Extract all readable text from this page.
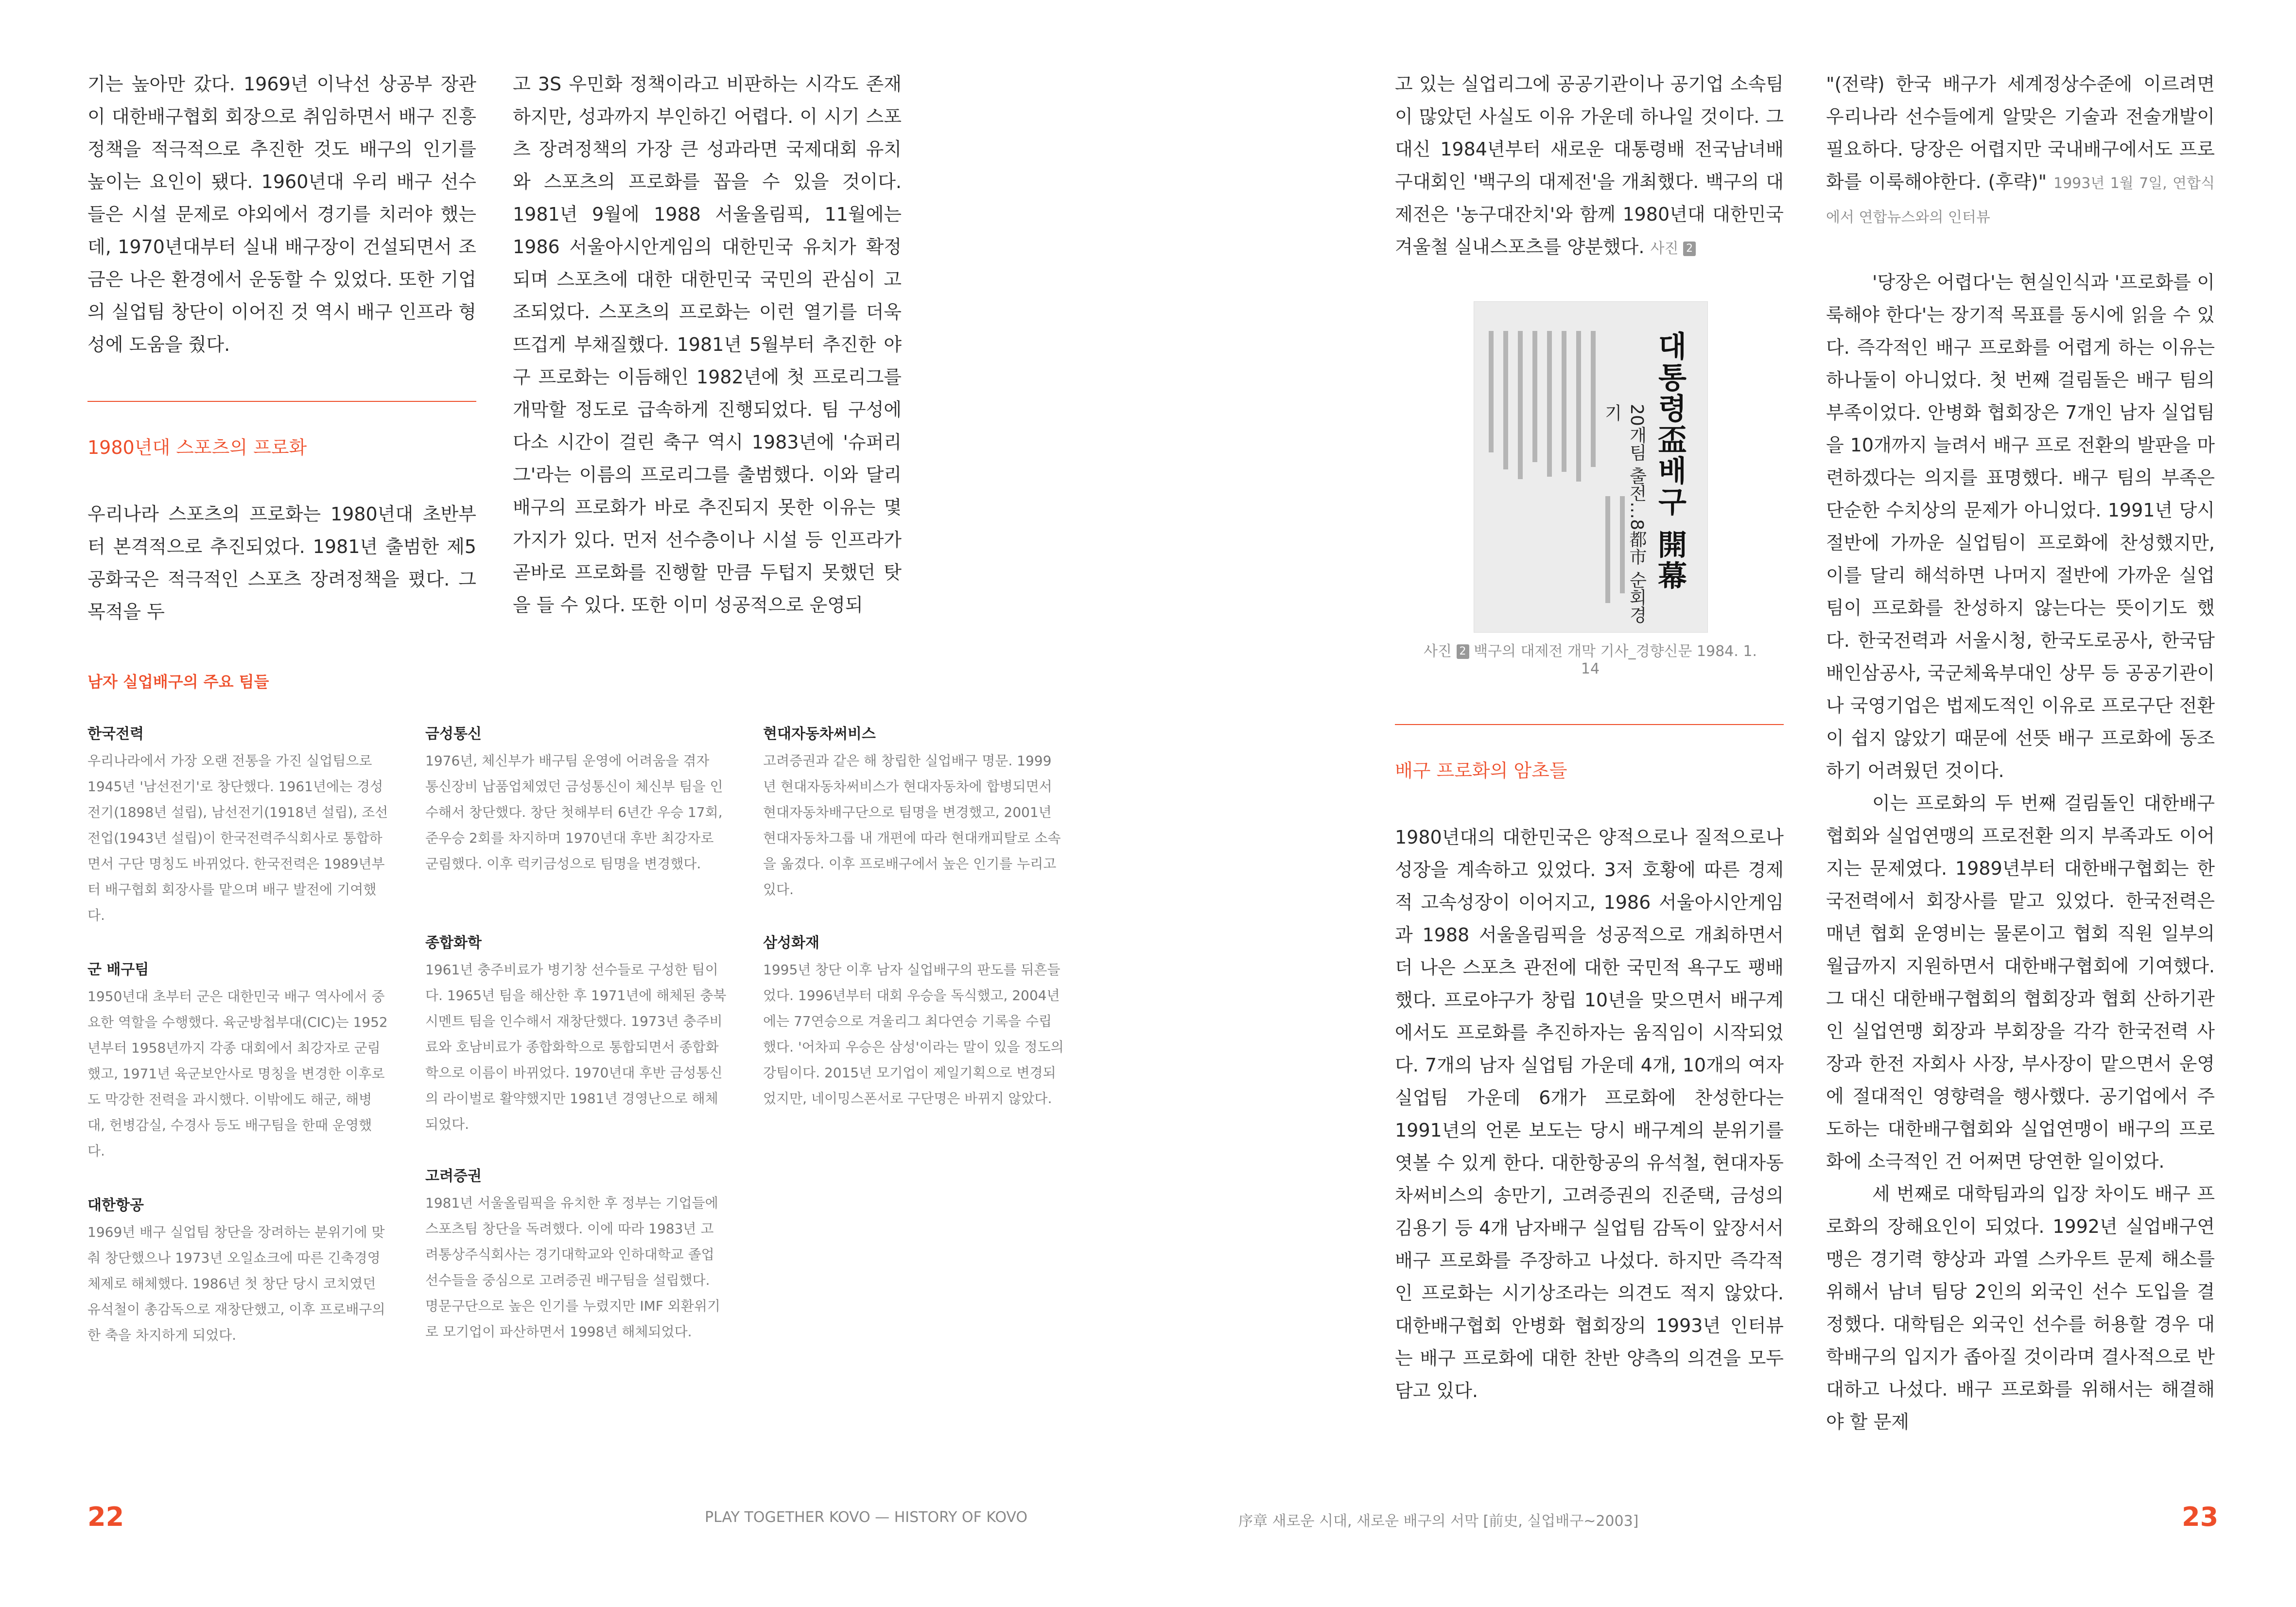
기는 높아만 갔다. 1969년 이낙선 상공부 장관이 대한배구협회 회장으로 취임하면서 배구 진흥정책을 적극적으로 추진한 것도 배구의 인기를 높이는 요인이 됐다. 1960년대 우리 배구 선수들은 시설 문제로 야외에서 경기를 치러야 했는데, 1970년대부터 실내 배구장이 건설되면서 조금은 나은 환경에서 운동할 수 있었다. 또한 기업의 실업팀 창단이 이어진 것 역시 배구 인프라 형성에 도움을 줬다.

1980년대 스포츠의 프로화

우리나라 스포츠의 프로화는 1980년대 초반부터 본격적으로 추진되었다. 1981년 출범한 제5공화국은 적극적인 스포츠 장려정책을 폈다. 그 목적을 두

고 3S 우민화 정책이라고 비판하는 시각도 존재하지만, 성과까지 부인하긴 어렵다. 이 시기 스포츠 장려정책의 가장 큰 성과라면 국제대회 유치와 스포츠의 프로화를 꼽을 수 있을 것이다. 1981년 9월에 1988 서울올림픽, 11월에는 1986 서울아시안게임의 대한민국 유치가 확정되며 스포츠에 대한 대한민국 국민의 관심이 고조되었다. 스포츠의 프로화는 이런 열기를 더욱 뜨겁게 부채질했다. 1981년 5월부터 추진한 야구 프로화는 이듬해인 1982년에 첫 프로리그를 개막할 정도로 급속하게 진행되었다. 팀 구성에 다소 시간이 걸린 축구 역시 1983년에 '슈퍼리그'라는 이름의 프로리그를 출범했다. 이와 달리 배구의 프로화가 바로 추진되지 못한 이유는 몇 가지가 있다. 먼저 선수층이나 시설 등 인프라가 곧바로 프로화를 진행할 만큼 두텁지 못했던 탓을 들 수 있다. 또한 이미 성공적으로 운영되

남자 실업배구의 주요 팀들
한국전력

우리나라에서 가장 오랜 전통을 가진 실업팀으로 1945년 '남선전기'로 창단했다. 1961년에는 경성전기(1898년 설립), 남선전기(1918년 설립), 조선전업(1943년 설립)이 한국전력주식회사로 통합하면서 구단 명칭도 바뀌었다. 한국전력은 1989년부터 배구협회 회장사를 맡으며 배구 발전에 기여했다.

군 배구팀

1950년대 초부터 군은 대한민국 배구 역사에서 중요한 역할을 수행했다. 육군방첩부대(CIC)는 1952년부터 1958년까지 각종 대회에서 최강자로 군림했고, 1971년 육군보안사로 명칭을 변경한 이후로도 막강한 전력을 과시했다. 이밖에도 해군, 해병대, 헌병감실, 수경사 등도 배구팀을 한때 운영했다.

대한항공

1969년 배구 실업팀 창단을 장려하는 분위기에 맞춰 창단했으나 1973년 오일쇼크에 따른 긴축경영 체제로 해체했다. 1986년 첫 창단 당시 코치였던 유석철이 총감독으로 재창단했고, 이후 프로배구의 한 축을 차지하게 되었다.

금성통신

1976년, 체신부가 배구팀 운영에 어려움을 겪자 통신장비 납품업체였던 금성통신이 체신부 팀을 인수해서 창단했다. 창단 첫해부터 6년간 우승 17회, 준우승 2회를 차지하며 1970년대 후반 최강자로 군림했다. 이후 럭키금성으로 팀명을 변경했다.

종합화학

1961년 충주비료가 병기창 선수들로 구성한 팀이다. 1965년 팀을 해산한 후 1971년에 해체된 충북시멘트 팀을 인수해서 재창단했다. 1973년 충주비료와 호남비료가 종합화학으로 통합되면서 종합화학으로 이름이 바뀌었다. 1970년대 후반 금성통신의 라이벌로 활약했지만 1981년 경영난으로 해체되었다.

고려증권

1981년 서울올림픽을 유치한 후 정부는 기업들에 스포츠팀 창단을 독려했다. 이에 따라 1983년 고려통상주식회사는 경기대학교와 인하대학교 졸업선수들을 중심으로 고려증권 배구팀을 설립했다. 명문구단으로 높은 인기를 누렸지만 IMF 외환위기로 모기업이 파산하면서 1998년 해체되었다.

현대자동차써비스

고려증권과 같은 해 창립한 실업배구 명문. 1999년 현대자동차써비스가 현대자동차에 합병되면서 현대자동차배구단으로 팀명을 변경했고, 2001년 현대자동차그룹 내 개편에 따라 현대캐피탈로 소속을 옮겼다. 이후 프로배구에서 높은 인기를 누리고 있다.

삼성화재

1995년 창단 이후 남자 실업배구의 판도를 뒤흔들었다. 1996년부터 대회 우승을 독식했고, 2004년에는 77연승으로 겨울리그 최다연승 기록을 수립했다. '어차피 우승은 삼성'이라는 말이 있을 정도의 강팀이다. 2015년 모기업이 제일기획으로 변경되었지만, 네이밍스폰서로 구단명은 바뀌지 않았다.

22	PLAY TOGETHER KOVO — HISTORY OF KOVO

고 있는 실업리그에 공공기관이나 공기업 소속팀이 많았던 사실도 이유 가운데 하나일 것이다. 그 대신 1984년부터 새로운 대통령배 전국남녀배구대회인 '백구의 대제전'을 개최했다. 백구의 대제전은 '농구대잔치'와 함께 1980년대 대한민국 겨울철 실내스포츠를 양분했다. 사진 2

대통령盃배구 開幕
20개팀 출전…8都市 순회경기

사진 2 백구의 대제전 개막 기사_경향신문 1984. 1. 14

배구 프로화의 암초들

1980년대의 대한민국은 양적으로나 질적으로나 성장을 계속하고 있었다. 3저 호황에 따른 경제적 고속성장이 이어지고, 1986 서울아시안게임과 1988 서울올림픽을 성공적으로 개최하면서 더 나은 스포츠 관전에 대한 국민적 욕구도 팽배했다. 프로야구가 창립 10년을 맞으면서 배구계에서도 프로화를 추진하자는 움직임이 시작되었다. 7개의 남자 실업팀 가운데 4개, 10개의 여자 실업팀 가운데 6개가 프로화에 찬성한다는 1991년의 언론 보도는 당시 배구계의 분위기를 엿볼 수 있게 한다. 대한항공의 유석철, 현대자동차써비스의 송만기, 고려증권의 진준택, 금성의 김용기 등 4개 남자배구 실업팀 감독이 앞장서서 배구 프로화를 주장하고 나섰다. 하지만 즉각적인 프로화는 시기상조라는 의견도 적지 않았다. 대한배구협회 안병화 협회장의 1993년 인터뷰는 배구 프로화에 대한 찬반 양측의 의견을 모두 담고 있다.

"(전략) 한국 배구가 세계정상수준에 이르려면 우리나라 선수들에게 알맞은 기술과 전술개발이 필요하다. 당장은 어렵지만 국내배구에서도 프로화를 이룩해야한다. (후략)" 1993년 1월 7일, 연합식에서 연합뉴스와의 인터뷰

'당장은 어렵다'는 현실인식과 '프로화를 이룩해야 한다'는 장기적 목표를 동시에 읽을 수 있다. 즉각적인 배구 프로화를 어렵게 하는 이유는 하나둘이 아니었다. 첫 번째 걸림돌은 배구 팀의 부족이었다. 안병화 협회장은 7개인 남자 실업팀을 10개까지 늘려서 배구 프로 전환의 발판을 마련하겠다는 의지를 표명했다. 배구 팀의 부족은 단순한 수치상의 문제가 아니었다. 1991년 당시 절반에 가까운 실업팀이 프로화에 찬성했지만, 이를 달리 해석하면 나머지 절반에 가까운 실업팀이 프로화를 찬성하지 않는다는 뜻이기도 했다. 한국전력과 서울시청, 한국도로공사, 한국담배인삼공사, 국군체육부대인 상무 등 공공기관이나 국영기업은 법제도적인 이유로 프로구단 전환이 쉽지 않았기 때문에 선뜻 배구 프로화에 동조하기 어려웠던 것이다.

이는 프로화의 두 번째 걸림돌인 대한배구협회와 실업연맹의 프로전환 의지 부족과도 이어지는 문제였다. 1989년부터 대한배구협회는 한국전력에서 회장사를 맡고 있었다. 한국전력은 매년 협회 운영비는 물론이고 협회 직원 일부의 월급까지 지원하면서 대한배구협회에 기여했다. 그 대신 대한배구협회의 협회장과 협회 산하기관인 실업연맹 회장과 부회장을 각각 한국전력 사장과 한전 자회사 사장, 부사장이 맡으면서 운영에 절대적인 영향력을 행사했다. 공기업에서 주도하는 대한배구협회와 실업연맹이 배구의 프로화에 소극적인 건 어쩌면 당연한 일이었다.

세 번째로 대학팀과의 입장 차이도 배구 프로화의 장해요인이 되었다. 1992년 실업배구연맹은 경기력 향상과 과열 스카우트 문제 해소를 위해서 남녀 팀당 2인의 외국인 선수 도입을 결정했다. 대학팀은 외국인 선수를 허용할 경우 대학배구의 입지가 좁아질 것이라며 결사적으로 반대하고 나섰다. 배구 프로화를 위해서는 해결해야 할 문제

序章 새로운 시대, 새로운 배구의 서막 [前史, 실업배구~2003]	23
